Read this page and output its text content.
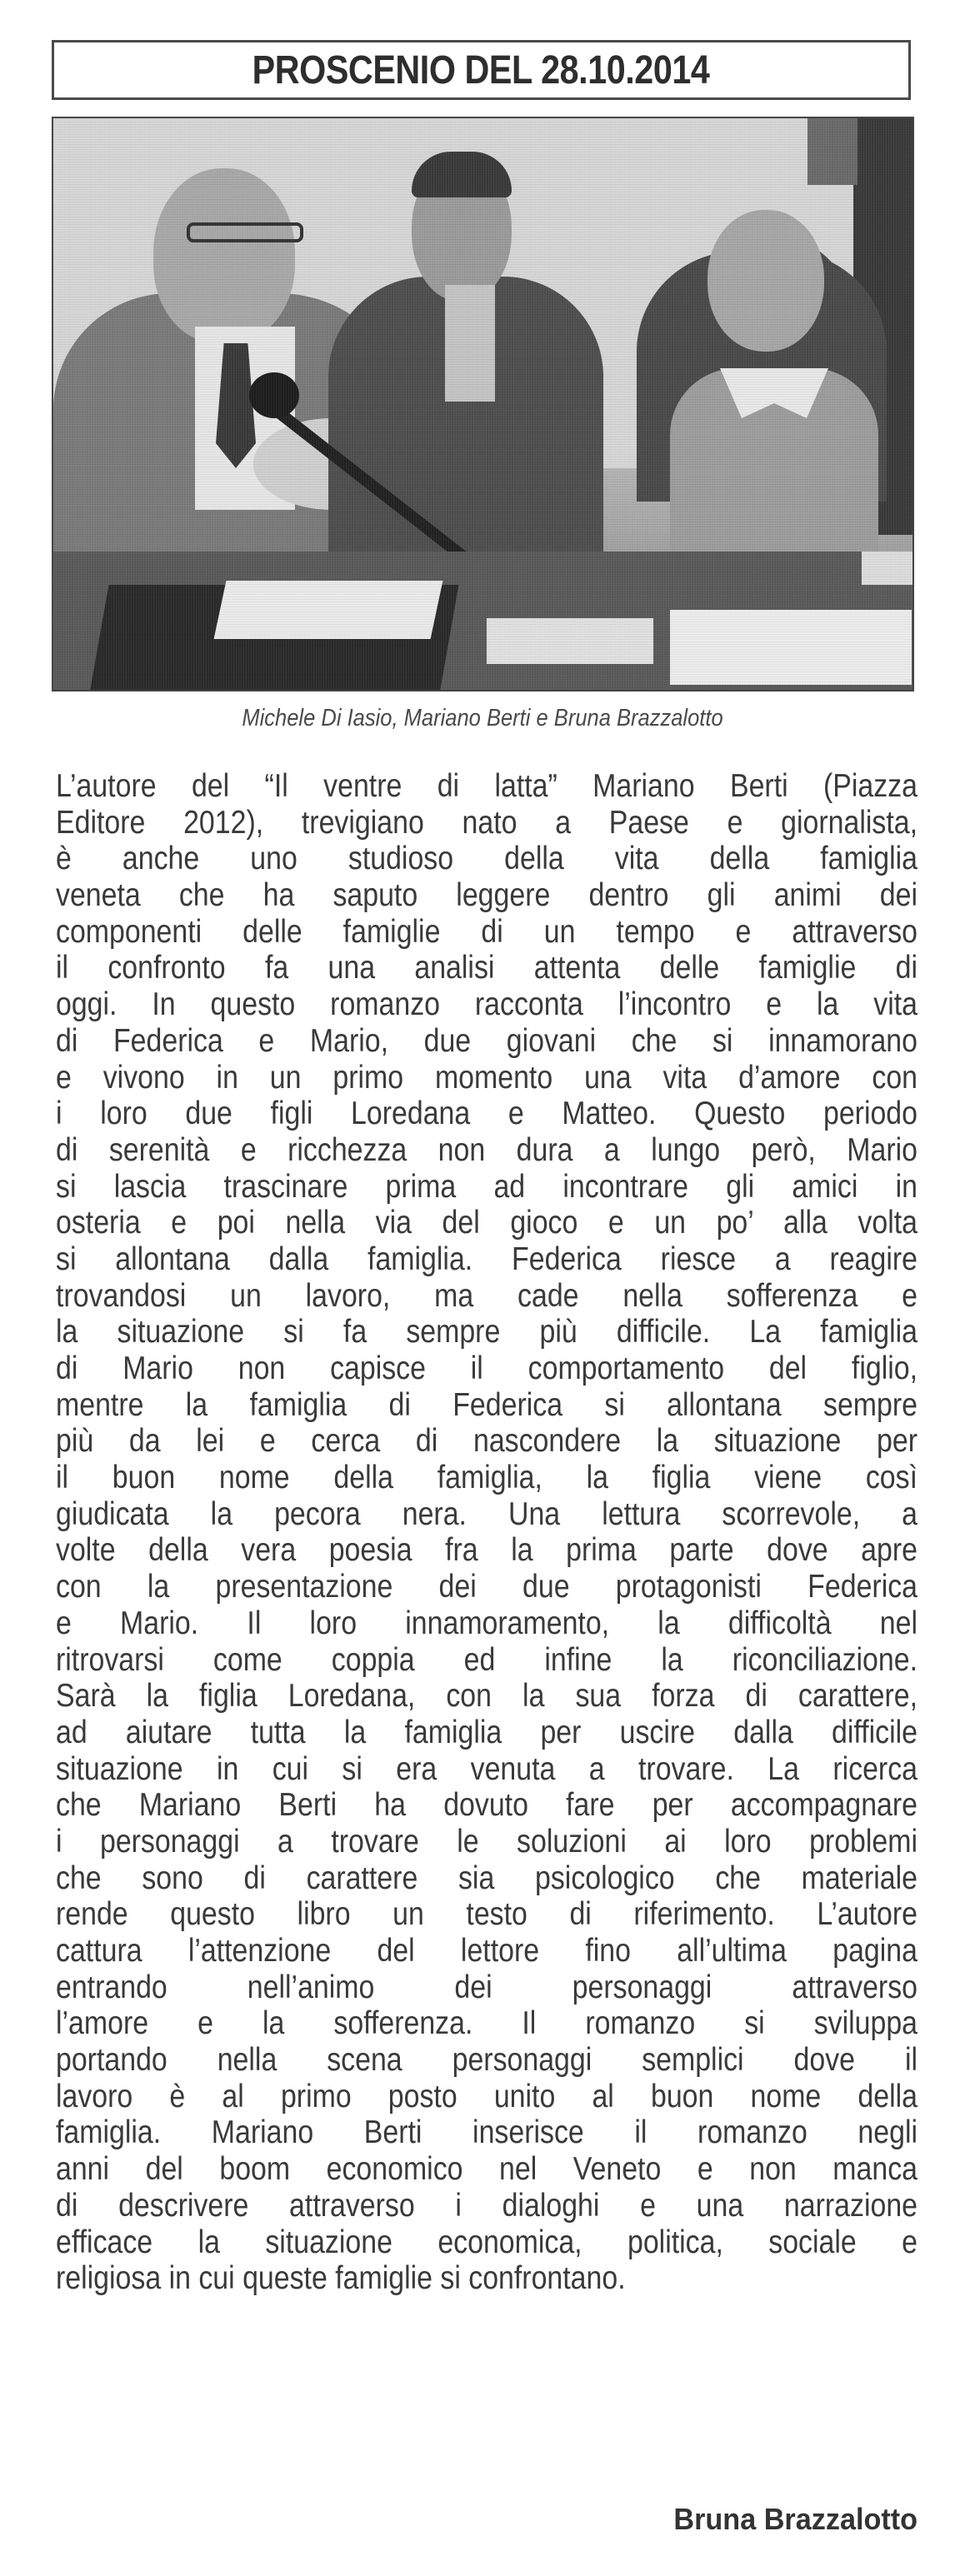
PROSCENIO DEL 28.10.2014
Michele Di Iasio, Mariano Berti e Bruna Brazzalotto
L’autore del “Il ventre di latta” Mariano Berti (Piazza
Editore 2012), trevigiano nato a Paese e giornalista,
è anche uno studioso della vita della famiglia
veneta che ha saputo leggere dentro gli animi dei
componenti delle famiglie di un tempo e attraverso
il confronto fa una analisi attenta delle famiglie di
oggi. In questo romanzo racconta l’incontro e la vita
di Federica e Mario, due giovani che si innamorano
e vivono in un primo momento una vita d’amore con
i loro due figli Loredana e Matteo. Questo periodo
di serenità e ricchezza non dura a lungo però, Mario
si lascia trascinare prima ad incontrare gli amici in
osteria e poi nella via del gioco e un po’ alla volta
si allontana dalla famiglia. Federica riesce a reagire
trovandosi un lavoro, ma cade nella sofferenza e
la situazione si fa sempre più difficile. La famiglia
di Mario non capisce il comportamento del figlio,
mentre la famiglia di Federica si allontana sempre
più da lei e cerca di nascondere la situazione per
il buon nome della famiglia, la figlia viene così
giudicata la pecora nera. Una lettura scorrevole, a
volte della vera poesia fra la prima parte dove apre
con la presentazione dei due protagonisti Federica
e Mario. Il loro innamoramento, la difficoltà nel
ritrovarsi come coppia ed infine la riconciliazione.
Sarà la figlia Loredana, con la sua forza di carattere,
ad aiutare tutta la famiglia per uscire dalla difficile
situazione in cui si era venuta a trovare. La ricerca
che Mariano Berti ha dovuto fare per accompagnare
i personaggi a trovare le soluzioni ai loro problemi
che sono di carattere sia psicologico che materiale
rende questo libro un testo di riferimento. L’autore
cattura l’attenzione del lettore fino all’ultima pagina
entrando nell’animo dei personaggi attraverso
l’amore e la sofferenza. Il romanzo si sviluppa
portando nella scena personaggi semplici dove il
lavoro è al primo posto unito al buon nome della
famiglia. Mariano Berti inserisce il romanzo negli
anni del boom economico nel Veneto e non manca
di descrivere attraverso i dialoghi e una narrazione
efficace la situazione economica, politica, sociale e
religiosa in cui queste famiglie si confrontano.
Bruna Brazzalotto
